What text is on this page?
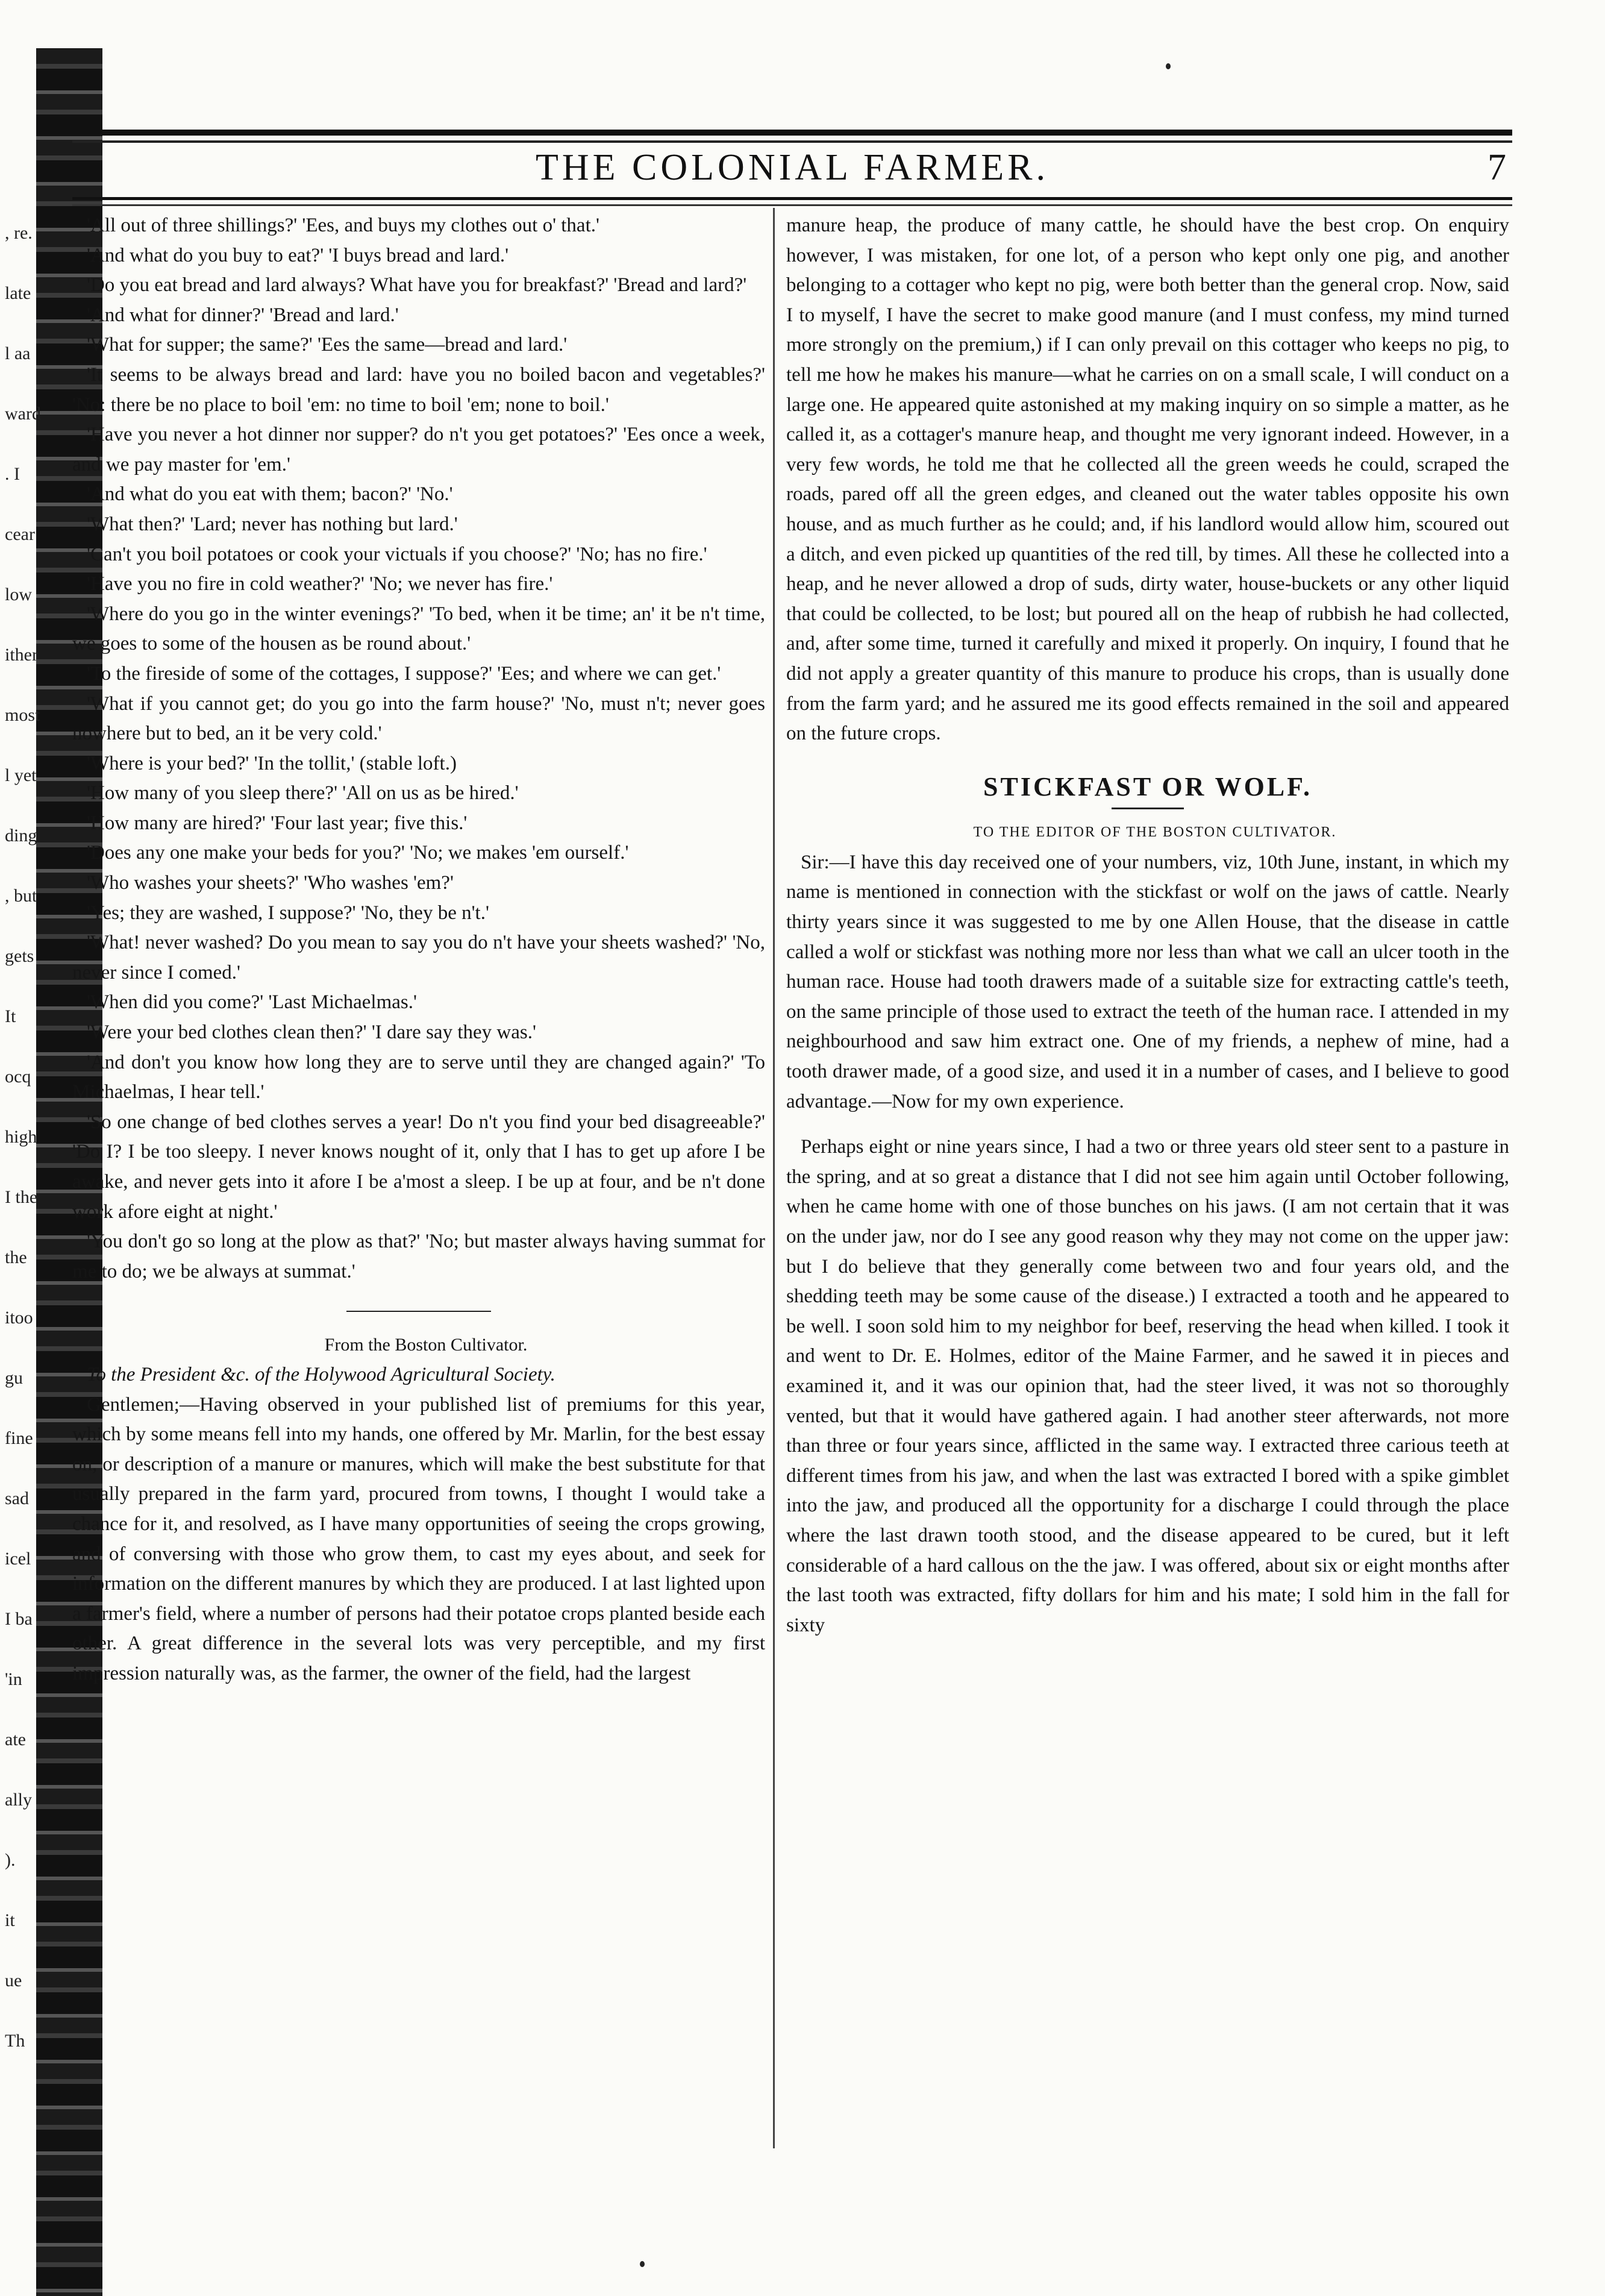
, re.
late
l aa
ward
. I
cear
low
ither
most
l yet
ding
, but
gets
It
ocq
high
I the
the
itoo
gu
fine
sad
icel
I ba
'in
ate
ally
).
it
ue
Th
THE COLONIAL FARMER.	7

'All out of three shillings?' 'Ees, and buys my clothes out o' that.'

'And what do you buy to eat?' 'I buys bread and lard.'

'Do you eat bread and lard always? What have you for breakfast?' 'Bread and lard?'

'And what for dinner?' 'Bread and lard.'

'What for supper; the same?' 'Ees the same—bread and lard.'

'It seems to be always bread and lard: have you no boiled bacon and vegetables?' 'No: there be no place to boil 'em: no time to boil 'em; none to boil.'

'Have you never a hot dinner nor supper? do n't you get potatoes?' 'Ees once a week, and we pay master for 'em.'

'And what do you eat with them; bacon?' 'No.'

'What then?' 'Lard; never has nothing but lard.'

'Can't you boil potatoes or cook your victuals if you choose?' 'No; has no fire.'

'Have you no fire in cold weather?' 'No; we never has fire.'

'Where do you go in the winter evenings?' 'To bed, when it be time; an' it be n't time, we goes to some of the housen as be round about.'

'To the fireside of some of the cottages, I suppose?' 'Ees; and where we can get.'

'What if you cannot get; do you go into the farm house?' 'No, must n't; never goes nowhere but to bed, an it be very cold.'

'Where is your bed?' 'In the tollit,' (stable loft.)

'How many of you sleep there?' 'All on us as be hired.'

'How many are hired?' 'Four last year; five this.'

'Does any one make your beds for you?' 'No; we makes 'em ourself.'

'Who washes your sheets?' 'Who washes 'em?'

'Yes; they are washed, I suppose?' 'No, they be n't.'

'What! never washed? Do you mean to say you do n't have your sheets washed?' 'No, never since I comed.'

'When did you come?' 'Last Michaelmas.'

'Were your bed clothes clean then?' 'I dare say they was.'

'And don't you know how long they are to serve until they are changed again?' 'To Michaelmas, I hear tell.'

'So one change of bed clothes serves a year! Do n't you find your bed disagreeable?' 'Do I? I be too sleepy. I never knows nought of it, only that I has to get up afore I be awake, and never gets into it afore I be a'most a sleep. I be up at four, and be n't done work afore eight at night.'

'You don't go so long at the plow as that?' 'No; but master always having summat for me to do; we be always at summat.'

From the Boston Cultivator.

To the President &c. of the Holywood Agricultural Society.

Gentlemen;—Having observed in your published list of premiums for this year, which by some means fell into my hands, one offered by Mr. Marlin, for the best essay on, or description of a manure or manures, which will make the best substitute for that usually prepared in the farm yard, procured from towns, I thought I would take a chance for it, and resolved, as I have many opportunities of seeing the crops growing, and of conversing with those who grow them, to cast my eyes about, and seek for information on the different manures by which they are produced. I at last lighted upon a farmer's field, where a number of persons had their potatoe crops planted beside each other. A great difference in the several lots was very perceptible, and my first impression naturally was, as the farmer, the owner of the field, had the largest

manure heap, the produce of many cattle, he should have the best crop. On enquiry however, I was mistaken, for one lot, of a person who kept only one pig, and another belonging to a cottager who kept no pig, were both better than the general crop. Now, said I to myself, I have the secret to make good manure (and I must confess, my mind turned more strongly on the premium,) if I can only prevail on this cottager who keeps no pig, to tell me how he makes his manure—what he carries on on a small scale, I will conduct on a large one. He appeared quite astonished at my making inquiry on so simple a matter, as he called it, as a cottager's manure heap, and thought me very ignorant indeed. However, in a very few words, he told me that he collected all the green weeds he could, scraped the roads, pared off all the green edges, and cleaned out the water tables opposite his own house, and as much further as he could; and, if his landlord would allow him, scoured out a ditch, and even picked up quantities of the red till, by times. All these he collected into a heap, and he never allowed a drop of suds, dirty water, house-buckets or any other liquid that could be collected, to be lost; but poured all on the heap of rubbish he had collected, and, after some time, turned it carefully and mixed it properly. On inquiry, I found that he did not apply a greater quantity of this manure to produce his crops, than is usually done from the farm yard; and he assured me its good effects remained in the soil and appeared on the future crops.

STICKFAST OR WOLF.

TO THE EDITOR OF THE BOSTON CULTIVATOR.

Sir:—I have this day received one of your numbers, viz, 10th June, instant, in which my name is mentioned in connection with the stickfast or wolf on the jaws of cattle. Nearly thirty years since it was suggested to me by one Allen House, that the disease in cattle called a wolf or stickfast was nothing more nor less than what we call an ulcer tooth in the human race. House had tooth drawers made of a suitable size for extracting cattle's teeth, on the same principle of those used to extract the teeth of the human race. I attended in my neighbourhood and saw him extract one. One of my friends, a nephew of mine, had a tooth drawer made, of a good size, and used it in a number of cases, and I believe to good advantage.—Now for my own experience.

Perhaps eight or nine years since, I had a two or three years old steer sent to a pasture in the spring, and at so great a distance that I did not see him again until October following, when he came home with one of those bunches on his jaws. (I am not certain that it was on the under jaw, nor do I see any good reason why they may not come on the upper jaw: but I do believe that they generally come between two and four years old, and the shedding teeth may be some cause of the disease.) I extracted a tooth and he appeared to be well. I soon sold him to my neighbor for beef, reserving the head when killed. I took it and went to Dr. E. Holmes, editor of the Maine Farmer, and he sawed it in pieces and examined it, and it was our opinion that, had the steer lived, it was not so thoroughly vented, but that it would have gathered again. I had another steer afterwards, not more than three or four years since, afflicted in the same way. I extracted three carious teeth at different times from his jaw, and when the last was extracted I bored with a spike gimblet into the jaw, and produced all the opportunity for a discharge I could through the place where the last drawn tooth stood, and the disease appeared to be cured, but it left considerable of a hard callous on the the jaw. I was offered, about six or eight months after the last tooth was extracted, fifty dollars for him and his mate; I sold him in the fall for sixty
